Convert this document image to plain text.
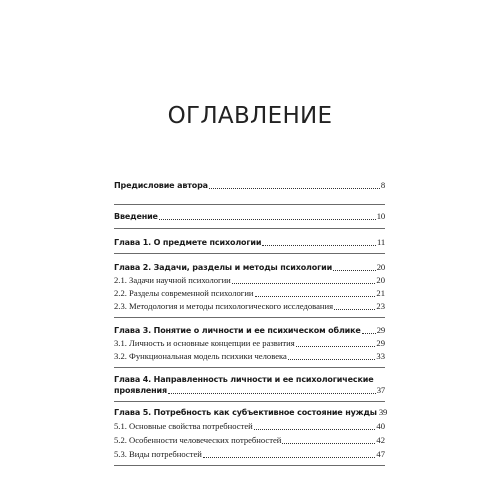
ОГЛАВЛЕНИЕ
Предисловие автора	8
Введение	10
Глава 1. О предмете психологии	11
Глава 2. Задачи, разделы и методы психологии	20
2.1. Задачи научной психологии	20
2.2. Разделы современной психологии	21
2.3. Методология и методы психологического исследования	23
Глава 3. Понятие о личности и ее психическом облике 29
3.1. Личность и основные концепции ее развития	29
3.2. Функциональная модель психики человека	33
Глава 4. Направленность личности и ее психологические
проявления	37
Глава 5. Потребность как субъективное состояние нужды 39
5.1. Основные свойства потребностей	40
5.2. Особенности человеческих потребностей	42
5.3. Виды потребностей	47
